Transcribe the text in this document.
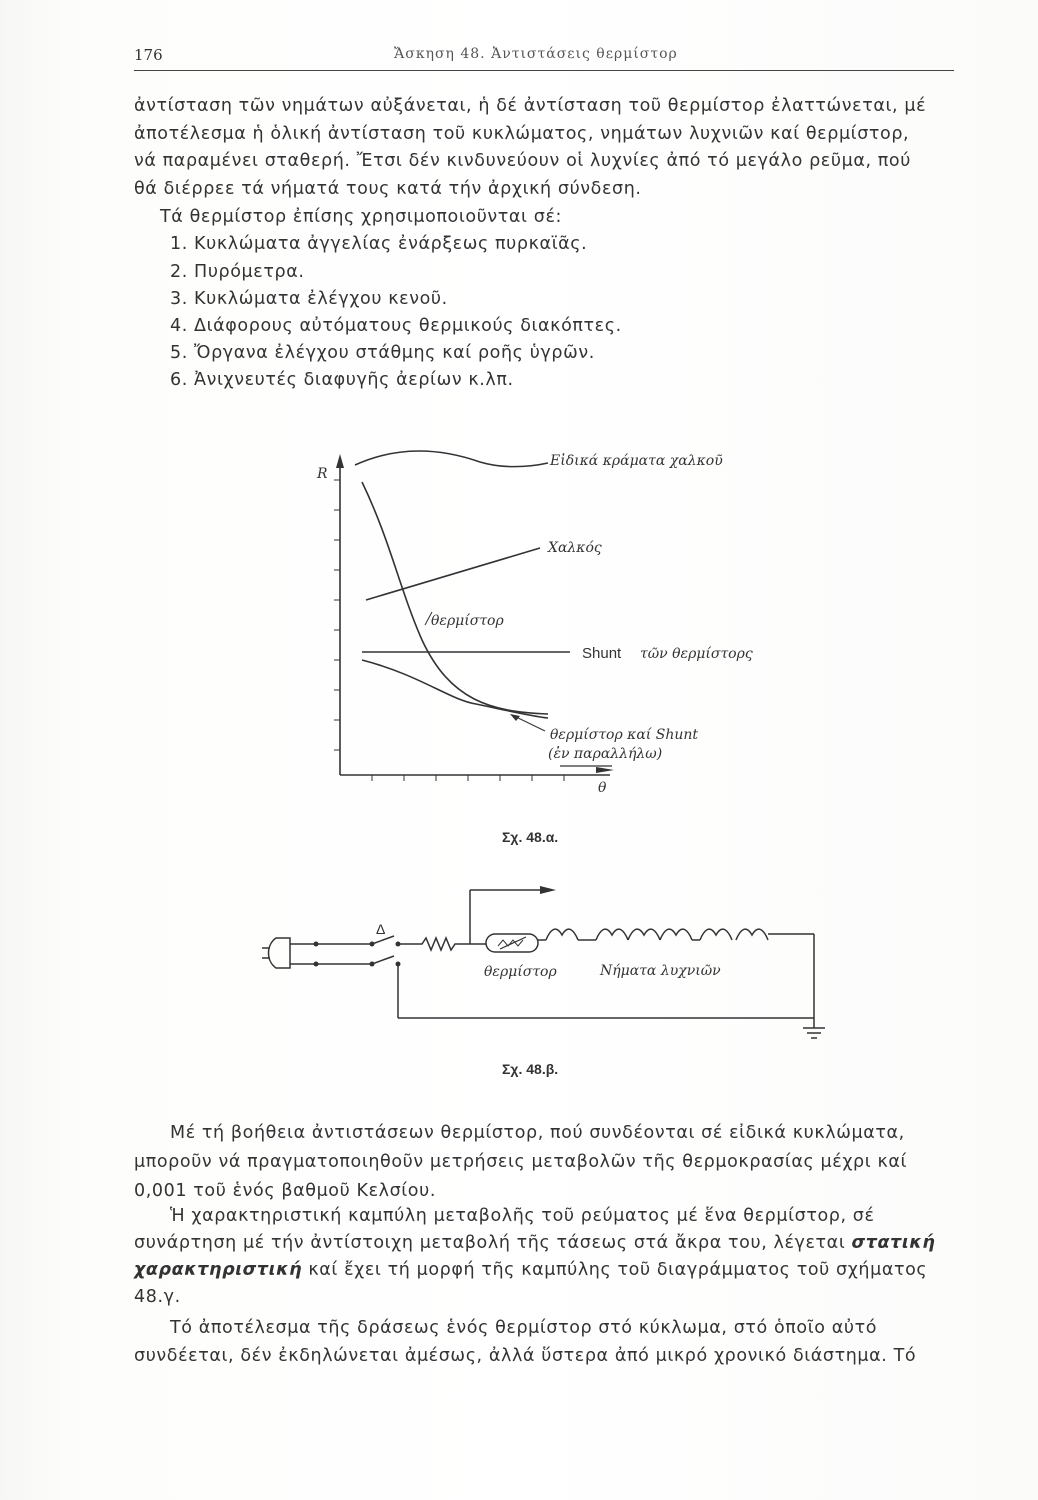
176	Ἄσκηση 48. Ἀντιστάσεις θερμίστορ
ἀντίσταση τῶν νημάτων αὐξάνεται, ἡ δέ ἀντίσταση τοῦ θερμίστορ ἐλαττώνεται, μέ
ἀποτέλεσμα ἡ ὁλική ἀντίσταση τοῦ κυκλώματος, νημάτων λυχνιῶν καί θερμίστορ,
νά παραμένει σταθερή. Ἔτσι δέν κινδυνεύουν οἱ λυχνίες ἀπό τό μεγάλο ρεῦμα, πού
θά διέρρεε τά νήματά τους κατά τήν ἀρχική σύνδεση.
Τά θερμίστορ ἐπίσης χρησιμοποιοῦνται σέ:
1. Κυκλώματα ἀγγελίας ἐνάρξεως πυρκαϊᾶς.
2. Πυρόμετρα.
3. Κυκλώματα ἐλέγχου κενοῦ.
4. Διάφορους αὐτόματους θερμικούς διακόπτες.
5. Ὄργανα ἐλέγχου στάθμης καί ροῆς ὑγρῶν.
6. Ἀνιχνευτές διαφυγῆς ἀερίων κ.λπ.
R
θ
Εἰδικά κράματα χαλκοῦ
Χαλκός
θερμίστορ
Shunt τῶν θερμίστορς
θερμίστορ καί Shunt
(ἐν παραλλήλω)
Δ
θερμίστορ	Νήματα λυχνιῶν
Σχ. 48.α.
Σχ. 48.β.
Μέ τή βοήθεια ἀντιστάσεων θερμίστορ, πού συνδέονται σέ εἰδικά κυκλώματα,
μποροῦν νά πραγματοποιηθοῦν μετρήσεις μεταβολῶν τῆς θερμοκρασίας μέχρι καί
0,001 τοῦ ἑνός βαθμοῦ Κελσίου.
Ἡ χαρακτηριστική καμπύλη μεταβολῆς τοῦ ρεύματος μέ ἕνα θερμίστορ, σέ
συνάρτηση μέ τήν ἀντίστοιχη μεταβολή τῆς τάσεως στά ἄκρα του, λέγεται στατική
χαρακτηριστική καί ἔχει τή μορφή τῆς καμπύλης τοῦ διαγράμματος τοῦ σχήματος
48.γ.
Τό ἀποτέλεσμα τῆς δράσεως ἑνός θερμίστορ στό κύκλωμα, στό ὁποῖο αὐτό
συνδέεται, δέν ἐκδηλώνεται ἀμέσως, ἀλλά ὕστερα ἀπό μικρό χρονικό διάστημα. Τό
